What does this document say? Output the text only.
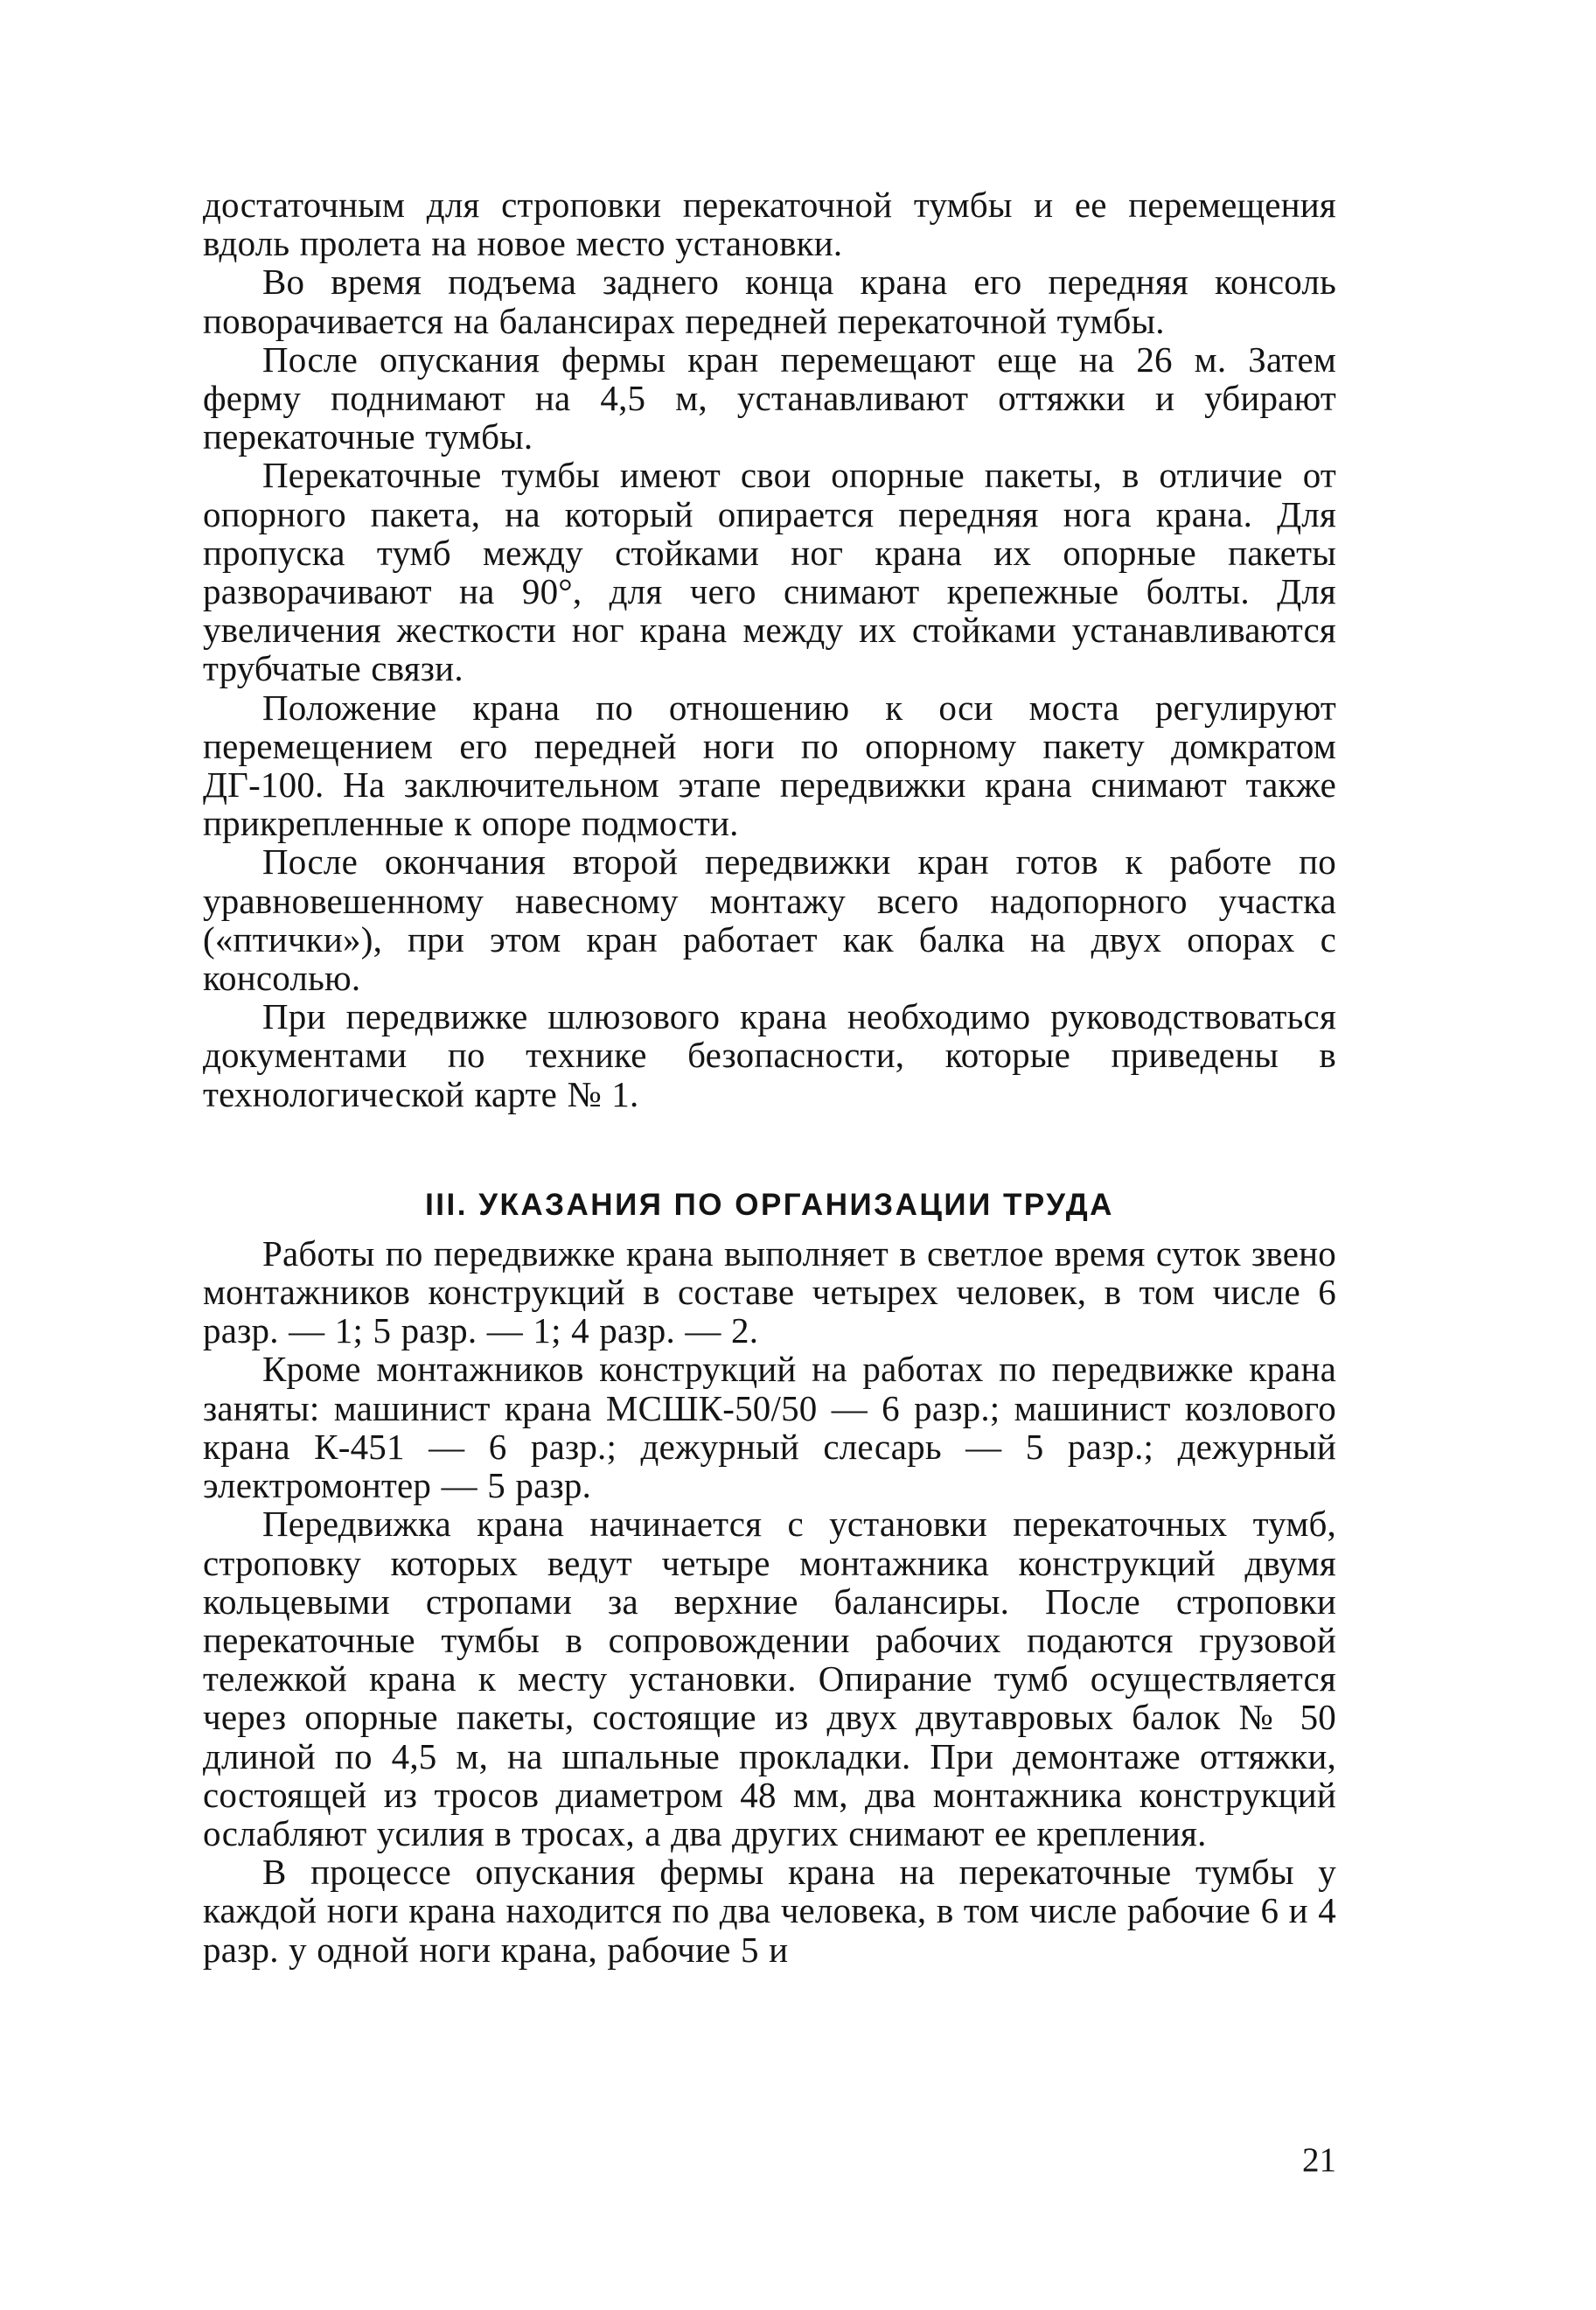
достаточным для строповки перекаточной тумбы и ее перемещения вдоль пролета на новое место установки.

Во время подъема заднего конца крана его передняя консоль поворачивается на балансирах передней перекаточной тумбы.

После опускания фермы кран перемещают еще на 26 м. Затем ферму поднимают на 4,5 м, устанавливают оттяжки и убирают перекаточные тумбы.

Перекаточные тумбы имеют свои опорные пакеты, в отличие от опорного пакета, на который опирается передняя нога крана. Для пропуска тумб между стойками ног крана их опорные пакеты разворачивают на 90°, для чего снимают крепежные болты. Для увеличения жесткости ног крана между их стойками устанавливаются трубчатые связи.

Положение крана по отношению к оси моста регулируют перемещением его передней ноги по опорному пакету домкратом ДГ-100. На заключительном этапе передвижки крана снимают также прикрепленные к опоре подмости.

После окончания второй передвижки кран готов к работе по уравновешенному навесному монтажу всего надопорного участка («птички»), при этом кран работает как балка на двух опорах с консолью.

При передвижке шлюзового крана необходимо руководствоваться документами по технике безопасности, которые приведены в технологической карте № 1.

III. УКАЗАНИЯ ПО ОРГАНИЗАЦИИ ТРУДА

Работы по передвижке крана выполняет в светлое время суток звено монтажников конструкций в составе четырех человек, в том числе 6 разр. — 1; 5 разр. — 1; 4 разр. — 2.

Кроме монтажников конструкций на работах по передвижке крана заняты: машинист крана МСШК-50/50 — 6 разр.; машинист козлового крана К-451 — 6 разр.; дежурный слесарь — 5 разр.; дежурный электромонтер — 5 разр.

Передвижка крана начинается с установки перекаточных тумб, строповку которых ведут четыре монтажника конструкций двумя кольцевыми стропами за верхние балансиры. После строповки перекаточные тумбы в сопровождении рабочих подаются грузовой тележкой крана к месту установки. Опирание тумб осуществляется через опорные пакеты, состоящие из двух двутавровых балок № 50 длиной по 4,5 м, на шпальные прокладки. При демонтаже оттяжки, состоящей из тросов диаметром 48 мм, два монтажника конструкций ослабляют усилия в тросах, а два других снимают ее крепления.

В процессе опускания фермы крана на перекаточные тумбы у каждой ноги крана находится по два человека, в том числе рабочие 6 и 4 разр. у одной ноги крана, рабочие 5 и

21
